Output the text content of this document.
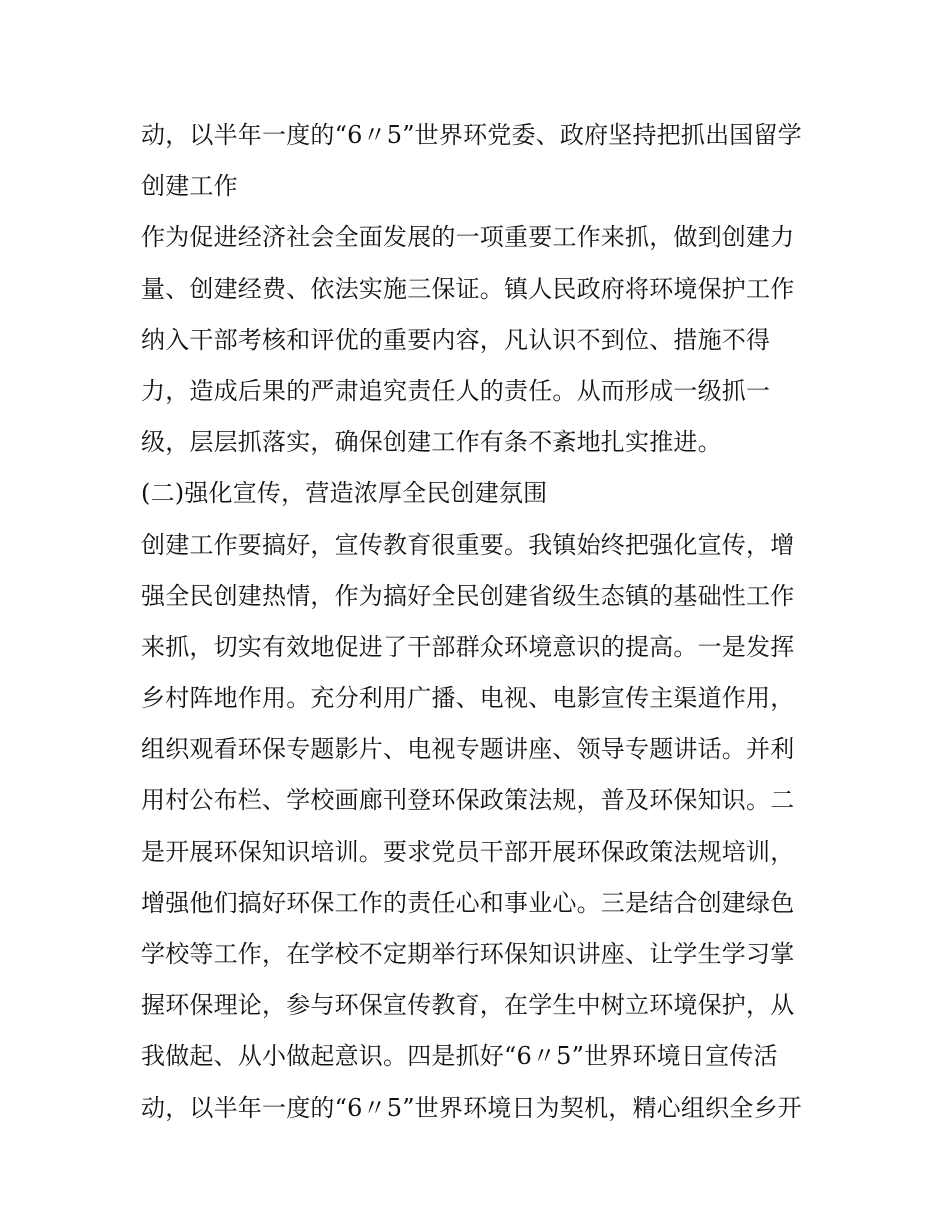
动，以半年一度的“6〃5”世界环党委、政府坚持把抓出国留学
创建工作
作为促进经济社会全面发展的一项重要工作来抓，做到创建力
量、创建经费、依法实施三保证。镇人民政府将环境保护工作
纳入干部考核和评优的重要内容，凡认识不到位、措施不得
力，造成后果的严肃追究责任人的责任。从而形成一级抓一
级，层层抓落实，确保创建工作有条不紊地扎实推进。
(二)强化宣传，营造浓厚全民创建氛围
创建工作要搞好，宣传教育很重要。我镇始终把强化宣传，增
强全民创建热情，作为搞好全民创建省级生态镇的基础性工作
来抓，切实有效地促进了干部群众环境意识的提高。一是发挥
乡村阵地作用。充分利用广播、电视、电影宣传主渠道作用，
组织观看环保专题影片、电视专题讲座、领导专题讲话。并利
用村公布栏、学校画廊刊登环保政策法规，普及环保知识。二
是开展环保知识培训。要求党员干部开展环保政策法规培训，
增强他们搞好环保工作的责任心和事业心。三是结合创建绿色
学校等工作，在学校不定期举行环保知识讲座、让学生学习掌
握环保理论，参与环保宣传教育，在学生中树立环境保护，从
我做起、从小做起意识。四是抓好“6〃5”世界环境日宣传活
动，以半年一度的“6〃5”世界环境日为契机，精心组织全乡开
